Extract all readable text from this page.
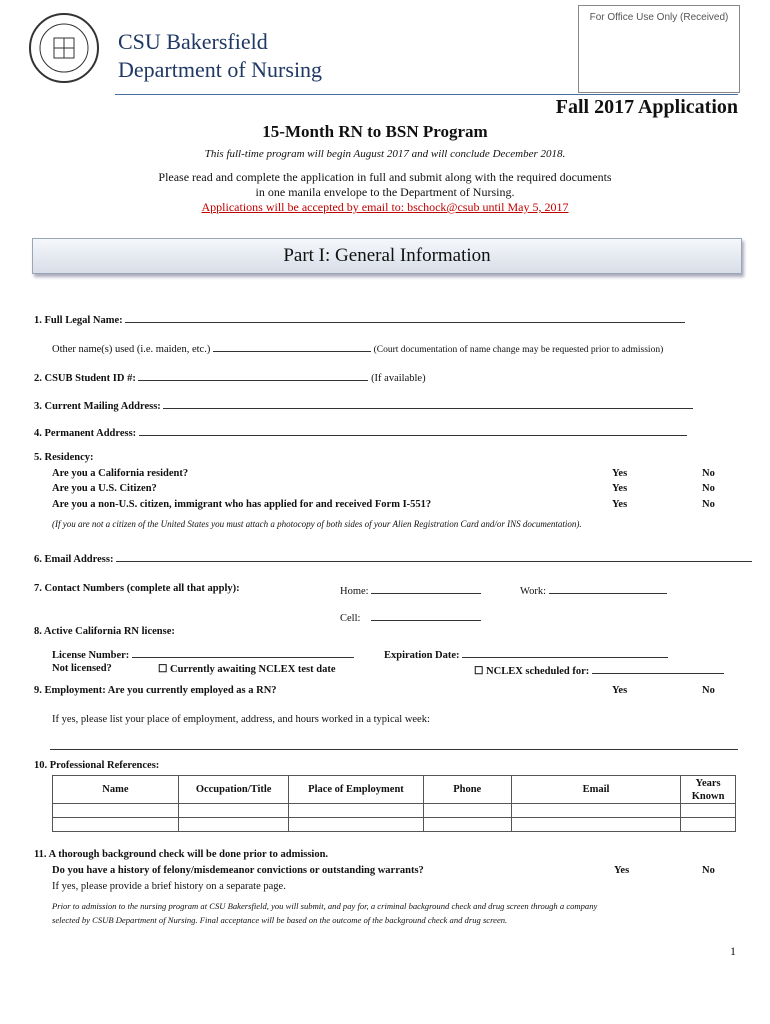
CSU Bakersfield
Department of Nursing
For Office Use Only (Received)
Fall 2017 Application
15-Month RN to BSN Program
This full-time program will begin August 2017 and will conclude December 2018.
Please read and complete the application in full and submit along with the required documents
in one manila envelope to the Department of Nursing.
Applications will be accepted by email to: bschock@csub until May 5, 2017
Part I: General Information
1. Full Legal Name:
Other name(s) used (i.e. maiden, etc.)	(Court documentation of name change may be requested prior to admission)
2. CSUB Student ID #:	(If available)
3. Current Mailing Address:
4. Permanent Address:
5. Residency:
Are you a California resident?	Yes	No
Are you a U.S. Citizen?	Yes	No
Are you a non-U.S. citizen, immigrant who has applied for and received Form I-551?	Yes	No
(If you are not a citizen of the United States you must attach a photocopy of both sides of your Alien Registration Card and/or INS documentation).
6. Email Address:
7. Contact Numbers (complete all that apply):	Home:	Work:
Cell:
8. Active California RN license:
License Number:	Expiration Date:
Not licensed?	☐ Currently awaiting NCLEX test date	☐ NCLEX scheduled for:
9. Employment: Are you currently employed as a RN?	Yes	No
If yes, please list your place of employment, address, and hours worked in a typical week:
10. Professional References:
Name	Occupation/Title	Place of Employment	Phone	Email	Years Known

11. A thorough background check will be done prior to admission.
Do you have a history of felony/misdemeanor convictions or outstanding warrants?	Yes	No
If yes, please provide a brief history on a separate page.
Prior to admission to the nursing program at CSU Bakersfield, you will submit, and pay for, a criminal background check and drug screen through a company
selected by CSUB Department of Nursing. Final acceptance will be based on the outcome of the background check and drug screen.
1
